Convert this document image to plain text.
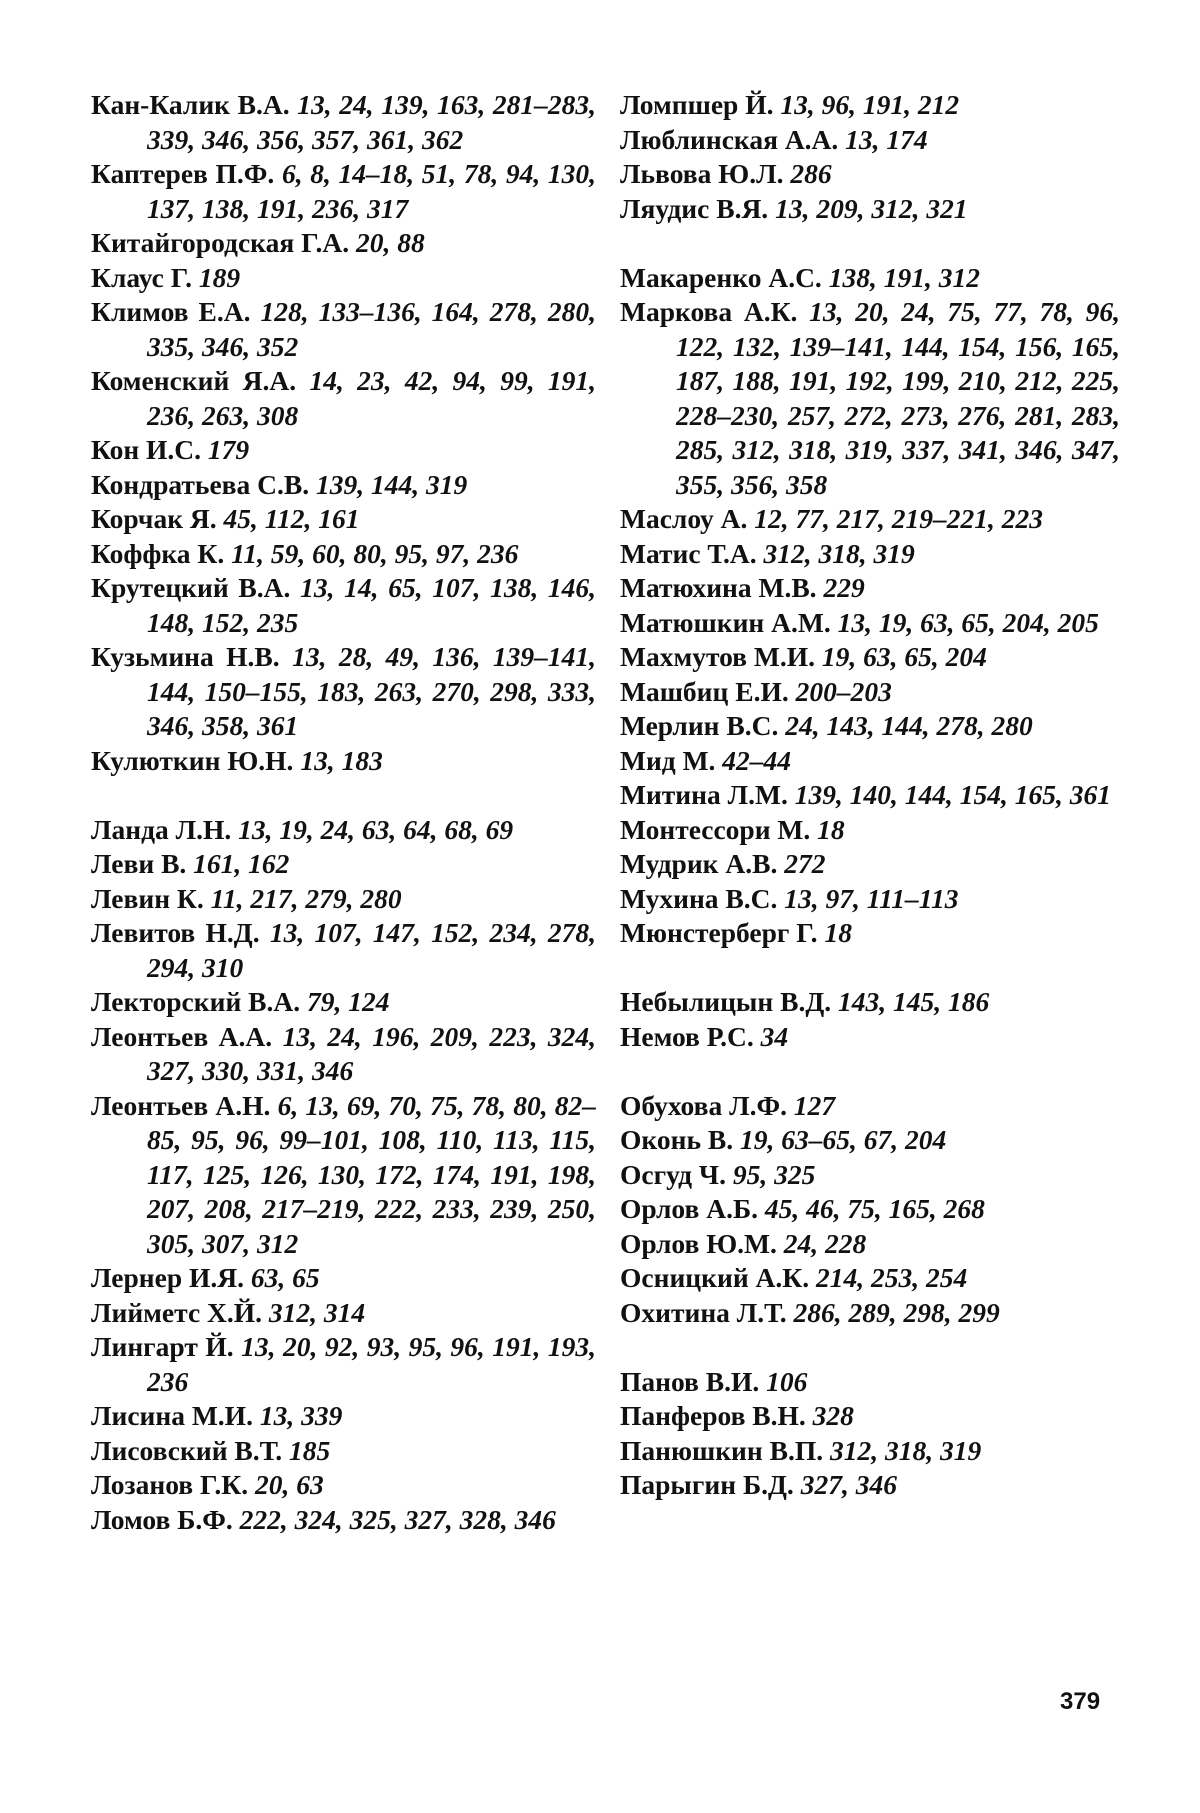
Кан-Калик В.А. 13, 24, 139, 163, 281–283, 339, 346, 356, 357, 361, 362
Каптерев П.Ф. 6, 8, 14–18, 51, 78, 94, 130, 137, 138, 191, 236, 317
Китайгородская Г.А. 20, 88
Клаус Г. 189
Климов Е.А. 128, 133–136, 164, 278, 280, 335, 346, 352
Коменский Я.А. 14, 23, 42, 94, 99, 191, 236, 263, 308
Кон И.С. 179
Кондратьева С.В. 139, 144, 319
Корчак Я. 45, 112, 161
Коффка К. 11, 59, 60, 80, 95, 97, 236
Крутецкий В.А. 13, 14, 65, 107, 138, 146, 148, 152, 235
Кузьмина Н.В. 13, 28, 49, 136, 139–141, 144, 150–155, 183, 263, 270, 298, 333, 346, 358, 361
Кулюткин Ю.Н. 13, 183
Ланда Л.Н. 13, 19, 24, 63, 64, 68, 69
Леви В. 161, 162
Левин К. 11, 217, 279, 280
Левитов Н.Д. 13, 107, 147, 152, 234, 278, 294, 310
Лекторский В.А. 79, 124
Леонтьев А.А. 13, 24, 196, 209, 223, 324, 327, 330, 331, 346
Леонтьев А.Н. 6, 13, 69, 70, 75, 78, 80, 82–85, 95, 96, 99–101, 108, 110, 113, 115, 117, 125, 126, 130, 172, 174, 191, 198, 207, 208, 217–219, 222, 233, 239, 250, 305, 307, 312
Лернер И.Я. 63, 65
Лийметс Х.Й. 312, 314
Лингарт Й. 13, 20, 92, 93, 95, 96, 191, 193, 236
Лисина М.И. 13, 339
Лисовский В.Т. 185
Лозанов Г.К. 20, 63
Ломов Б.Ф. 222, 324, 325, 327, 328, 346
Ломпшер Й. 13, 96, 191, 212
Люблинская А.А. 13, 174
Львова Ю.Л. 286
Ляудис В.Я. 13, 209, 312, 321
Макаренко А.С. 138, 191, 312
Маркова А.К. 13, 20, 24, 75, 77, 78, 96, 122, 132, 139–141, 144, 154, 156, 165, 187, 188, 191, 192, 199, 210, 212, 225, 228–230, 257, 272, 273, 276, 281, 283, 285, 312, 318, 319, 337, 341, 346, 347, 355, 356, 358
Маслоу А. 12, 77, 217, 219–221, 223
Матис Т.А. 312, 318, 319
Матюхина М.В. 229
Матюшкин А.М. 13, 19, 63, 65, 204, 205
Махмутов М.И. 19, 63, 65, 204
Машбиц Е.И. 200–203
Мерлин В.С. 24, 143, 144, 278, 280
Мид М. 42–44
Митина Л.М. 139, 140, 144, 154, 165, 361
Монтессори М. 18
Мудрик А.В. 272
Мухина В.С. 13, 97, 111–113
Мюнстерберг Г. 18
Небылицын В.Д. 143, 145, 186
Немов Р.С. 34
Обухова Л.Ф. 127
Оконь В. 19, 63–65, 67, 204
Осгуд Ч. 95, 325
Орлов А.Б. 45, 46, 75, 165, 268
Орлов Ю.М. 24, 228
Осницкий А.К. 214, 253, 254
Охитина Л.Т. 286, 289, 298, 299
Панов В.И. 106
Панферов В.Н. 328
Панюшкин В.П. 312, 318, 319
Парыгин Б.Д. 327, 346
379
